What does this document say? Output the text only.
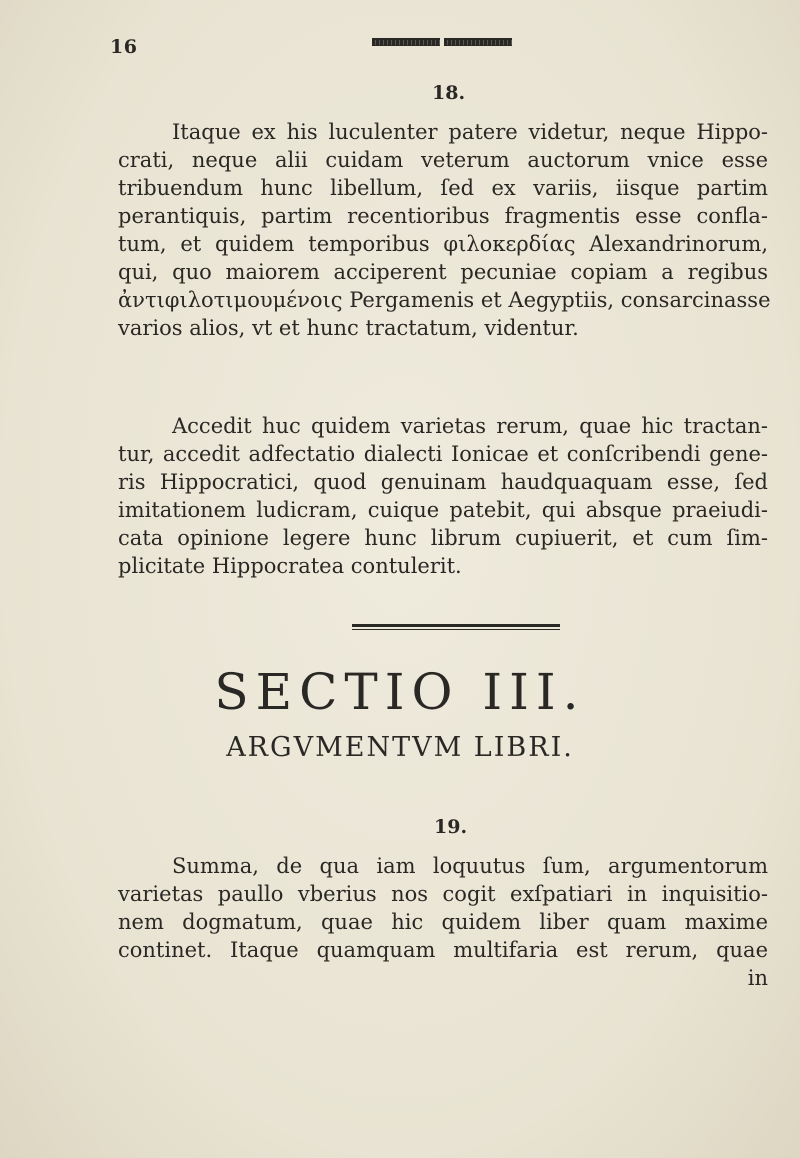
16
18.
Itaque ex his luculenter patere videtur, neque Hippo-
crati, neque alii cuidam veterum auctorum vnice esse
tribuendum hunc libellum, ſed ex variis, iisque partim
perantiquis, partim recentioribus fragmentis esse confla-
tum, et quidem temporibus φιλοκερδίας Alexandrinorum,
qui, quo maiorem acciperent pecuniae copiam a regibus
ἀντιφιλοτιμουμένοις Pergamenis et Aegyptiis, consarcinasse
varios alios, vt et hunc tractatum, videntur.
Accedit huc quidem varietas rerum, quae hic tractan-
tur, accedit adfectatio dialecti Ionicae et conſcribendi gene-
ris Hippocratici, quod genuinam haudquaquam esse, ſed
imitationem ludicram, cuique patebit, qui absque praeiudi-
cata opinione legere hunc librum cupiuerit, et cum ſim-
plicitate Hippocratea contulerit.
SECTIO III.
ARGVMENTVM LIBRI.
19.
Summa, de qua iam loquutus ſum, argumentorum
varietas paullo vberius nos cogit exſpatiari in inquisitio-
nem dogmatum, quae hic quidem liber quam maxime
continet. Itaque quamquam multifaria est rerum, quae
in
